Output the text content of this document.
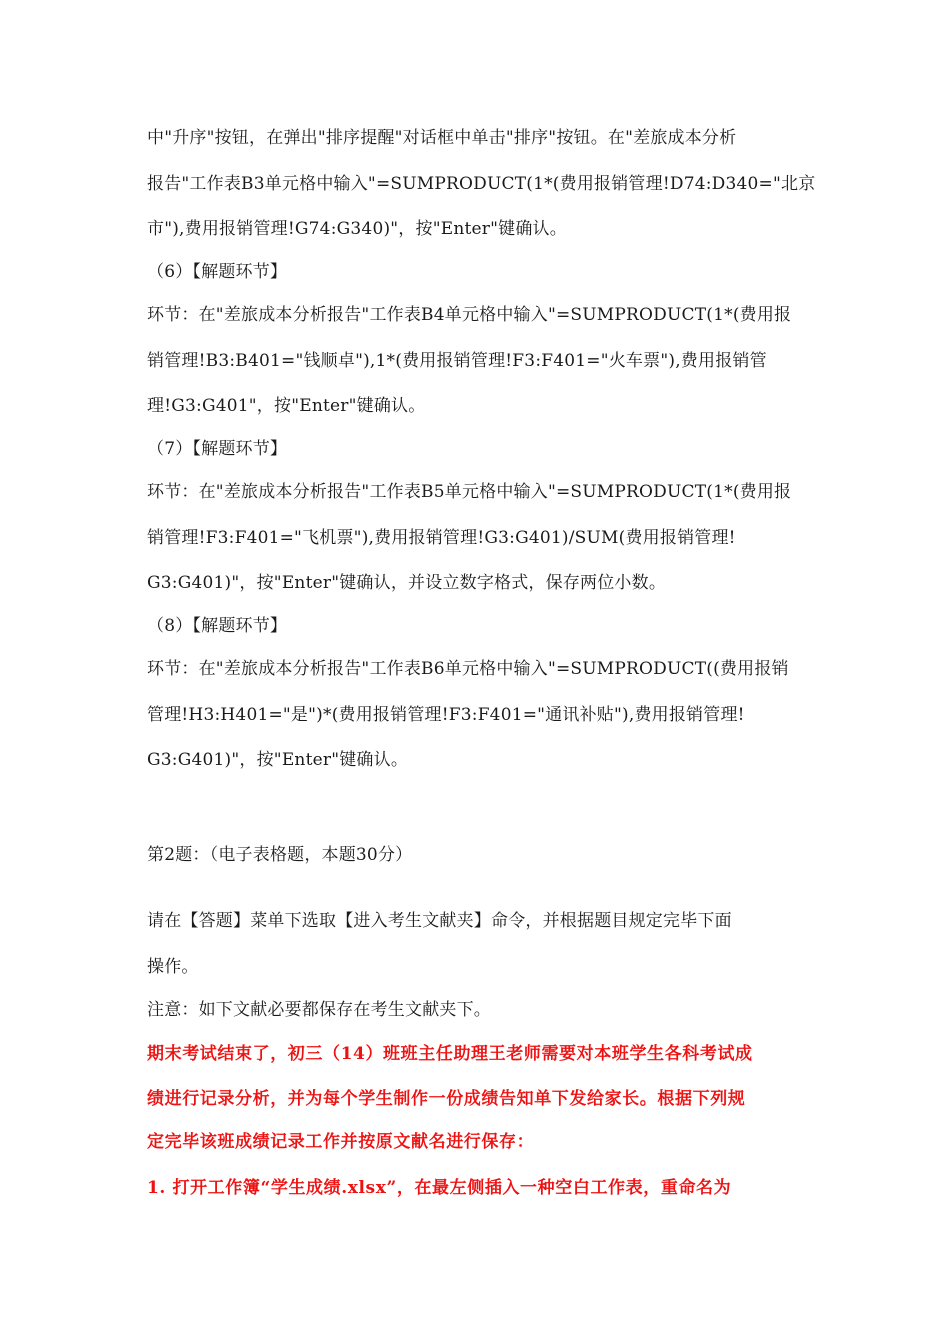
中"升序"按钮，在弹出"排序提醒"对话框中单击"排序"按钮。在"差旅成本分析
报告"工作表B3单元格中输入"=SUMPRODUCT(1*(费用报销管理!D74:D340="北京
市"),费用报销管理!G74:G340)"，按"Enter"键确认。
（6）【解题环节】
环节：在"差旅成本分析报告"工作表B4单元格中输入"=SUMPRODUCT(1*(费用报
销管理!B3:B401="钱顺卓"),1*(费用报销管理!F3:F401="火车票"),费用报销管
理!G3:G401"，按"Enter"键确认。
（7）【解题环节】
环节：在"差旅成本分析报告"工作表B5单元格中输入"=SUMPRODUCT(1*(费用报
销管理!F3:F401="飞机票"),费用报销管理!G3:G401)/SUM(费用报销管理!
G3:G401)"，按"Enter"键确认，并设立数字格式，保存两位小数。
（8）【解题环节】
环节：在"差旅成本分析报告"工作表B6单元格中输入"=SUMPRODUCT((费用报销
管理!H3:H401="是")*(费用报销管理!F3:F401="通讯补贴"),费用报销管理!
G3:G401)"，按"Enter"键确认。
第2题：（电子表格题，本题30分）
请在【答题】菜单下选取【进入考生文献夹】命令，并根据题目规定完毕下面
操作。
注意：如下文献必要都保存在考生文献夹下。
期末考试结束了，初三（14）班班主任助理王老师需要对本班学生各科考试成
绩进行记录分析，并为每个学生制作一份成绩告知单下发给家长。根据下列规
定完毕该班成绩记录工作并按原文献名进行保存：
1. 打开工作簿“学生成绩.xlsx”，在最左侧插入一种空白工作表，重命名为
